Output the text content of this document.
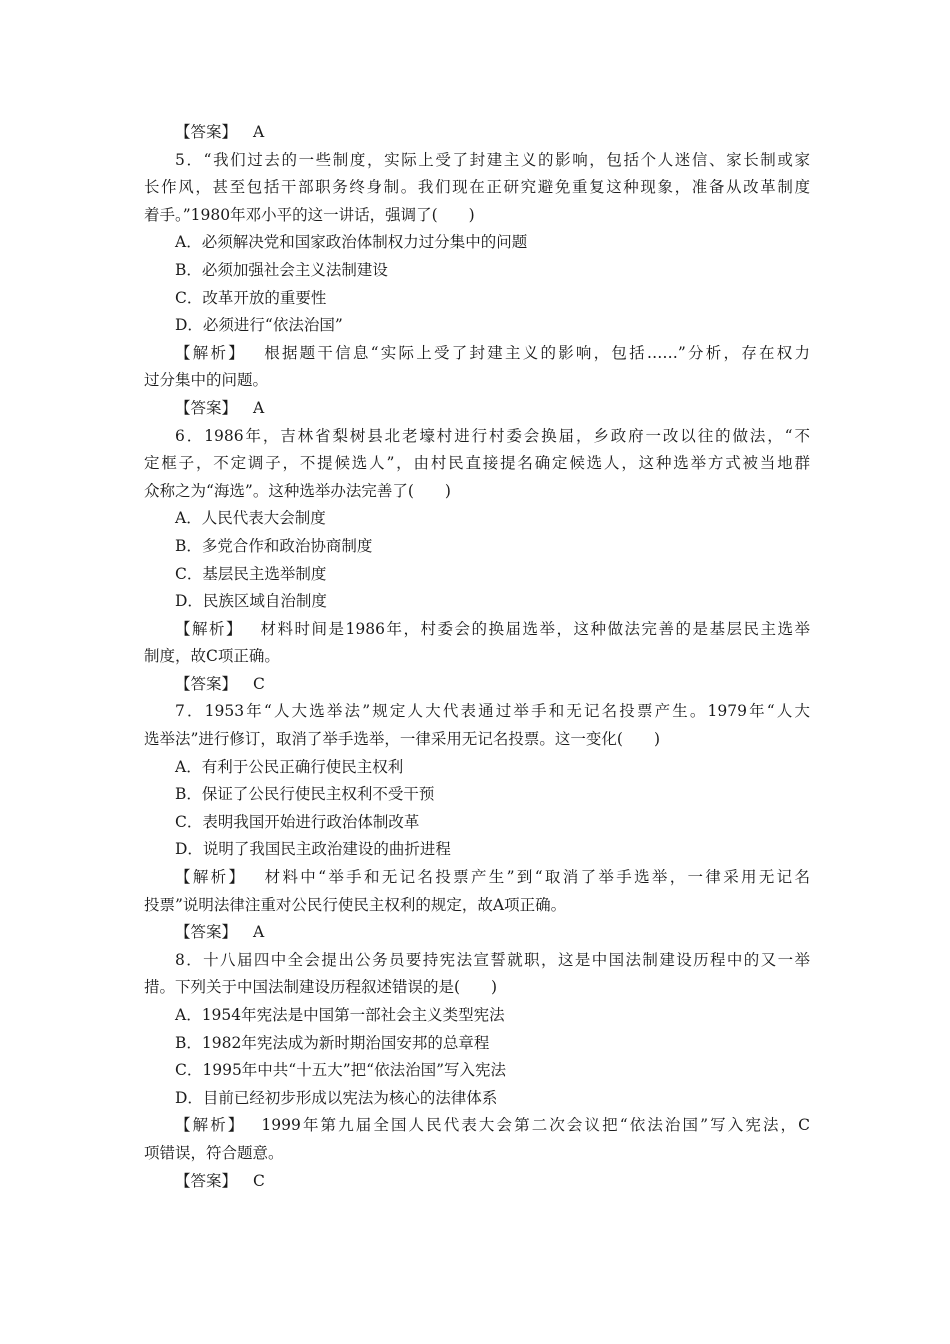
【答案】 A
5．“我们过去的一些制度，实际上受了封建主义的影响，包括个人迷信、家长制或家
长作风，甚至包括干部职务终身制。我们现在正研究避免重复这种现象，准备从改革制度
着手。”1980年邓小平的这一讲话，强调了(　　)
A．必须解决党和国家政治体制权力过分集中的问题
B．必须加强社会主义法制建设
C．改革开放的重要性
D．必须进行“依法治国”
【解析】 根据题干信息“实际上受了封建主义的影响，包括……”分析，存在权力
过分集中的问题。
【答案】 A
6．1986年，吉林省梨树县北老壕村进行村委会换届，乡政府一改以往的做法，“不
定框子，不定调子，不提候选人”，由村民直接提名确定候选人，这种选举方式被当地群
众称之为“海选”。这种选举办法完善了(　　)
A．人民代表大会制度
B．多党合作和政治协商制度
C．基层民主选举制度
D．民族区域自治制度
【解析】 材料时间是1986年，村委会的换届选举，这种做法完善的是基层民主选举
制度，故C项正确。
【答案】 C
7．1953年“人大选举法”规定人大代表通过举手和无记名投票产生。1979年“人大
选举法”进行修订，取消了举手选举，一律采用无记名投票。这一变化(　　)
A．有利于公民正确行使民主权利
B．保证了公民行使民主权利不受干预
C．表明我国开始进行政治体制改革
D．说明了我国民主政治建设的曲折进程
【解析】 材料中“举手和无记名投票产生”到“取消了举手选举，一律采用无记名
投票”说明法律注重对公民行使民主权利的规定，故A项正确。
【答案】 A
8．十八届四中全会提出公务员要持宪法宣誓就职，这是中国法制建设历程中的又一举
措。下列关于中国法制建设历程叙述错误的是(　　)
A．1954年宪法是中国第一部社会主义类型宪法
B．1982年宪法成为新时期治国安邦的总章程
C．1995年中共“十五大”把“依法治国”写入宪法
D．目前已经初步形成以宪法为核心的法律体系
【解析】 1999年第九届全国人民代表大会第二次会议把“依法治国”写入宪法，C
项错误，符合题意。
【答案】 C
